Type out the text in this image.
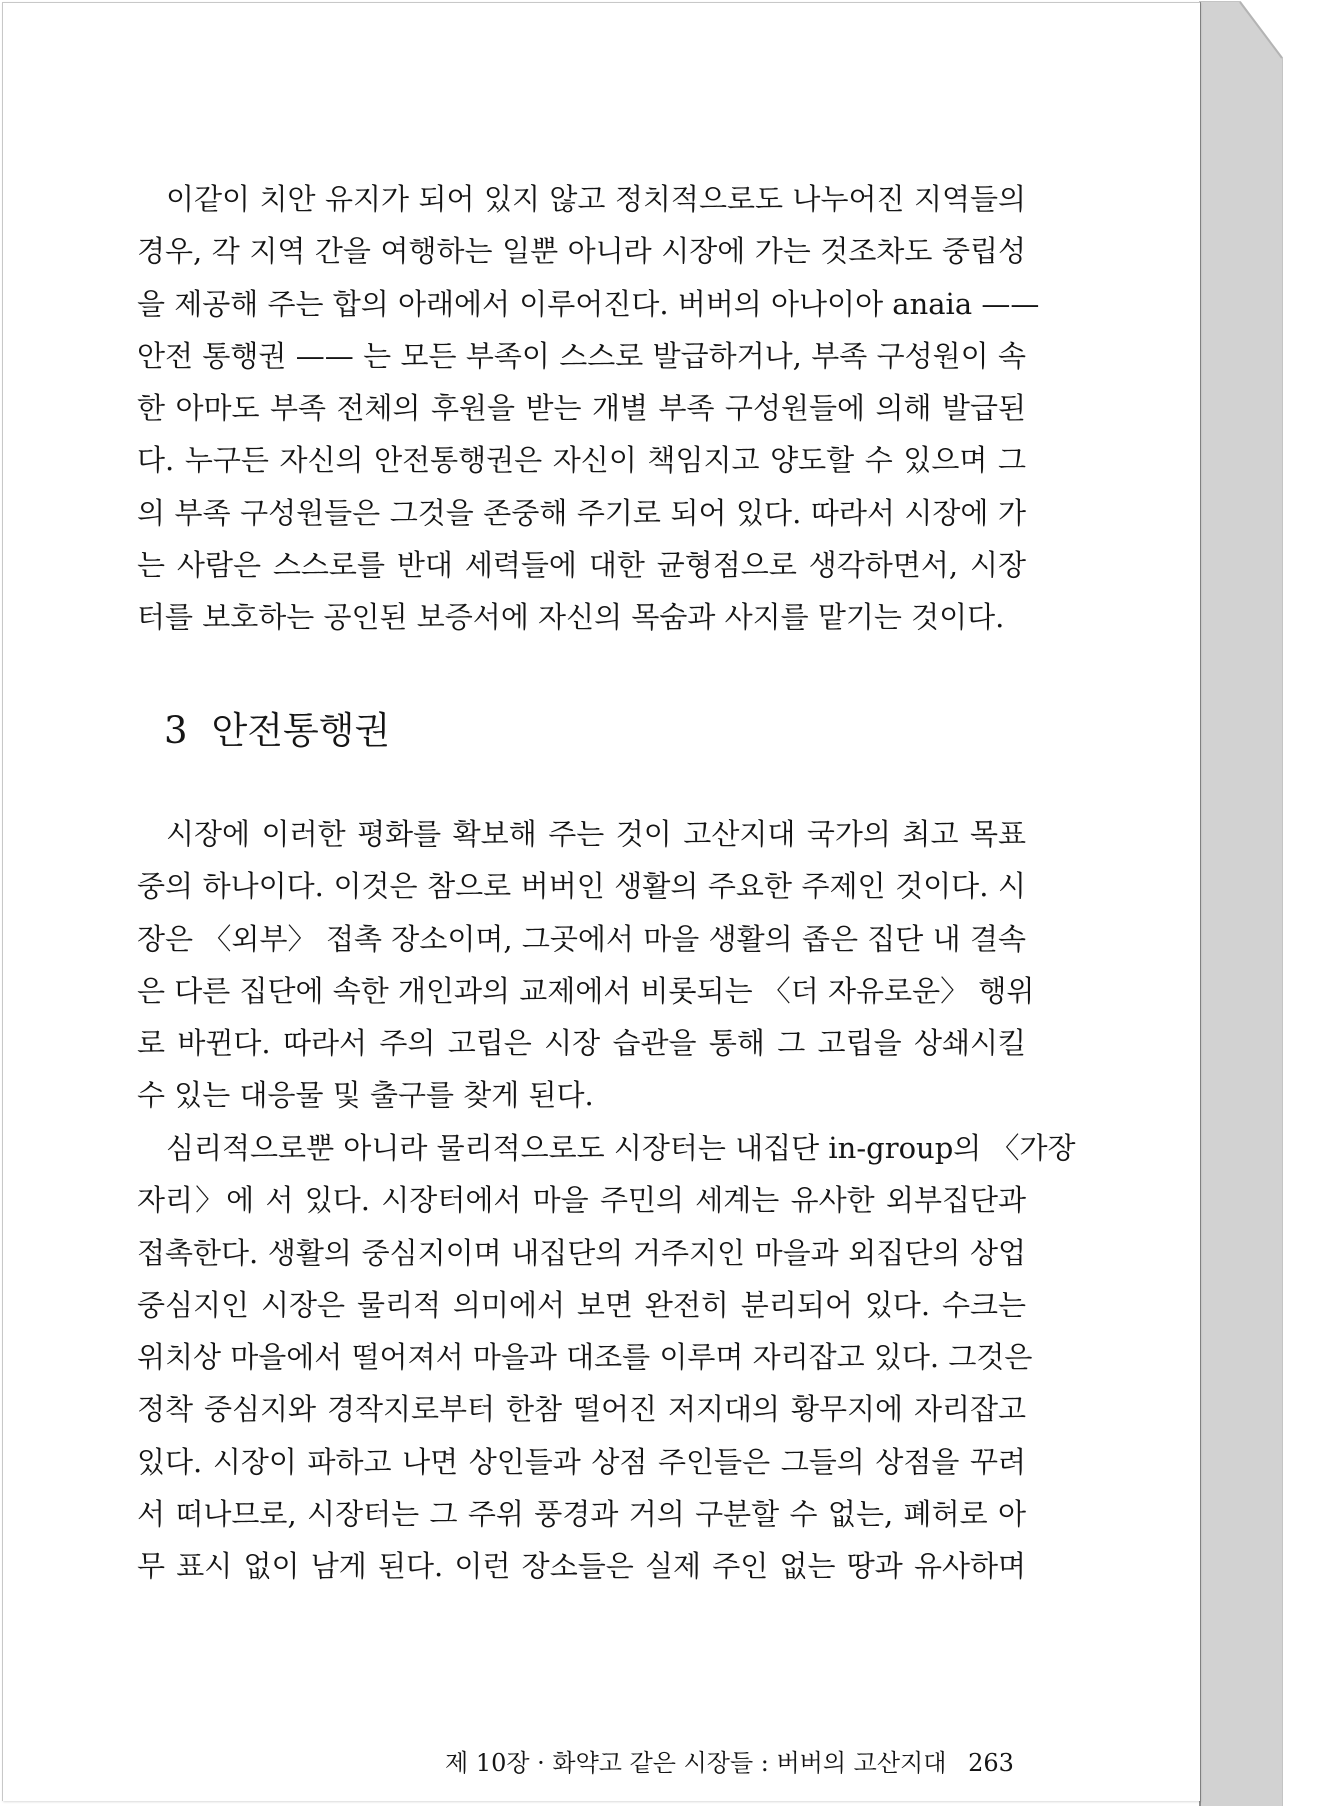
이같이 치안 유지가 되어 있지 않고 정치적으로도 나누어진 지역들의
경우, 각 지역 간을 여행하는 일뿐 아니라 시장에 가는 것조차도 중립성
을 제공해 주는 합의 아래에서 이루어진다. 버버의 아나이아 anaia ——
안전 통행권 —— 는 모든 부족이 스스로 발급하거나, 부족 구성원이 속
한 아마도 부족 전체의 후원을 받는 개별 부족 구성원들에 의해 발급된
다. 누구든 자신의 안전통행권은 자신이 책임지고 양도할 수 있으며 그
의 부족 구성원들은 그것을 존중해 주기로 되어 있다. 따라서 시장에 가
는 사람은 스스로를 반대 세력들에 대한 균형점으로 생각하면서, 시장
터를 보호하는 공인된 보증서에 자신의 목숨과 사지를 맡기는 것이다.
3 안전통행권
시장에 이러한 평화를 확보해 주는 것이 고산지대 국가의 최고 목표
중의 하나이다. 이것은 참으로 버버인 생활의 주요한 주제인 것이다. 시
장은 〈외부〉 접촉 장소이며, 그곳에서 마을 생활의 좁은 집단 내 결속
은 다른 집단에 속한 개인과의 교제에서 비롯되는 〈더 자유로운〉 행위
로 바뀐다. 따라서 주의 고립은 시장 습관을 통해 그 고립을 상쇄시킬
수 있는 대응물 및 출구를 찾게 된다.
심리적으로뿐 아니라 물리적으로도 시장터는 내집단 in-group의 〈가장
자리〉에 서 있다. 시장터에서 마을 주민의 세계는 유사한 외부집단과
접촉한다. 생활의 중심지이며 내집단의 거주지인 마을과 외집단의 상업
중심지인 시장은 물리적 의미에서 보면 완전히 분리되어 있다. 수크는
위치상 마을에서 떨어져서 마을과 대조를 이루며 자리잡고 있다. 그것은
정착 중심지와 경작지로부터 한참 떨어진 저지대의 황무지에 자리잡고
있다. 시장이 파하고 나면 상인들과 상점 주인들은 그들의 상점을 꾸려
서 떠나므로, 시장터는 그 주위 풍경과 거의 구분할 수 없는, 폐허로 아
무 표시 없이 남게 된다. 이런 장소들은 실제 주인 없는 땅과 유사하며
제 10장 · 화약고 같은 시장들 : 버버의 고산지대 263
